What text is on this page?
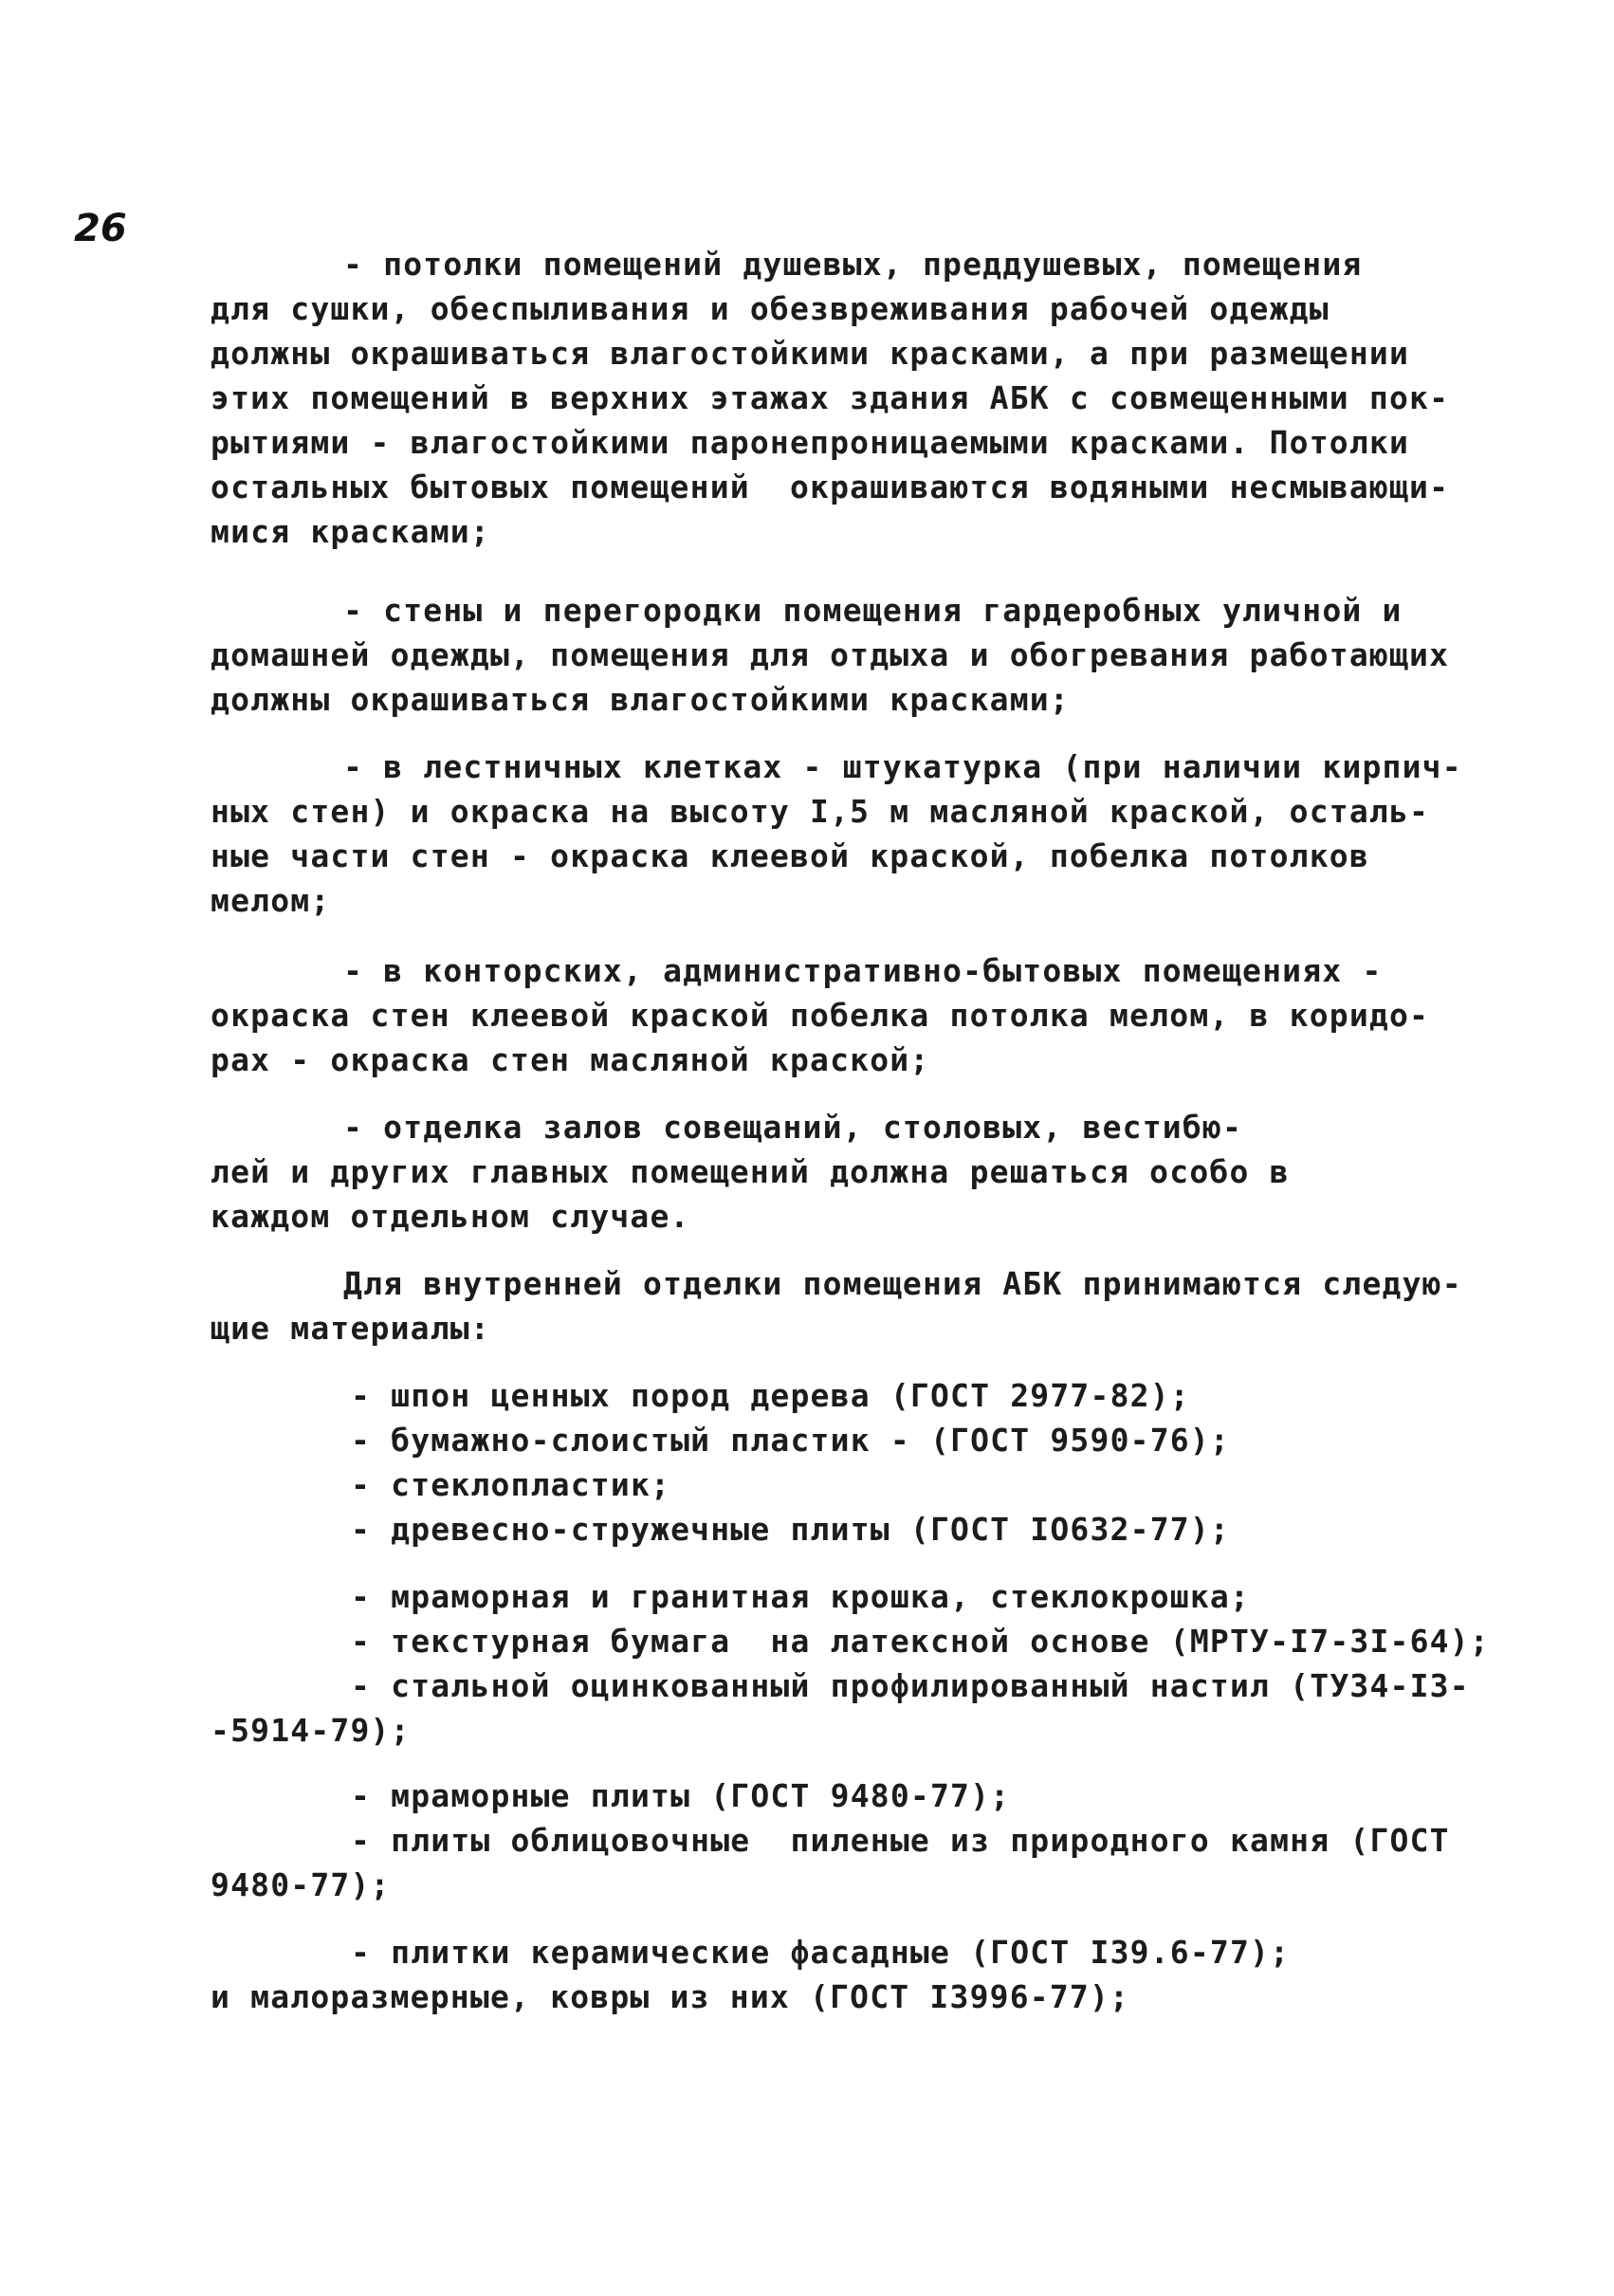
26
- потолки помещений душевых, преддушевых, помещения
для сушки, обеспыливания и обезвреживания рабочей одежды
должны окрашиваться влагостойкими красками, а при размещении
этих помещений в верхних этажах здания АБК с совмещенными пок-
рытиями - влагостойкими паронепроницаемыми красками. Потолки
остальных бытовых помещений  окрашиваются водяными несмывающи-
мися красками;
- стены и перегородки помещения гардеробных уличной и
домашней одежды, помещения для отдыха и обогревания работающих
должны окрашиваться влагостойкими красками;
- в лестничных клетках - штукатурка (при наличии кирпич-
ных стен) и окраска на высоту I,5 м масляной краской, осталь-
ные части стен - окраска клеевой краской, побелка потолков
мелом;
- в конторских, административно-бытовых помещениях -
окраска стен клеевой краской побелка потолка мелом, в коридо-
рах - окраска стен масляной краской;
- отделка залов совещаний, столовых, вестибю-
лей и других главных помещений должна решаться особо в
каждом отдельном случае.
Для внутренней отделки помещения АБК принимаются следую-
щие материалы:
- шпон ценных пород дерева (ГОСТ 2977-82);
- бумажно-слоистый пластик - (ГОСТ 9590-76);
- стеклопластик;
- древесно-стружечные плиты (ГОСТ IO632-77);
- мраморная и гранитная крошка, стеклокрошка;
- текстурная бумага  на латексной основе (МРТУ-I7-3I-64);
- стальной оцинкованный профилированный настил (ТУ34-I3-
-5914-79);
- мраморные плиты (ГОСТ 9480-77);
- плиты облицовочные  пиленые из природного камня (ГОСТ
9480-77);
- плитки керамические фасадные (ГОСТ I39.6-77);
и малоразмерные, ковры из них (ГОСТ I3996-77);
